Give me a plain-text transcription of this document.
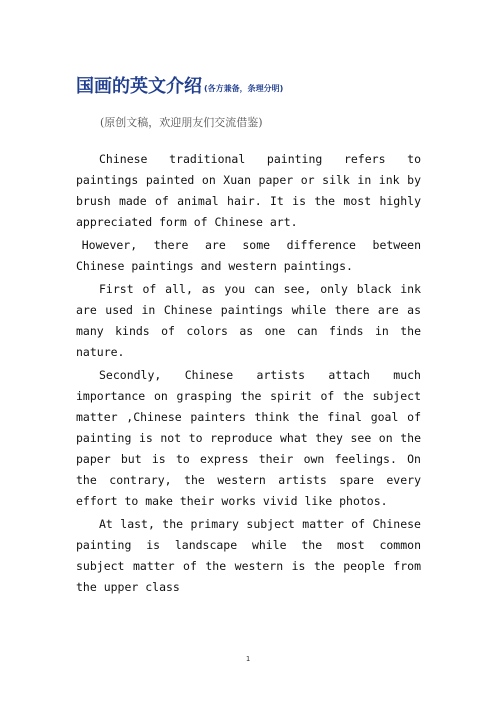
国画的英文介绍 (各方兼备，条理分明)
(原创文稿，欢迎朋友们交流借鉴)

Chinese traditional painting refers to paintings painted on Xuan paper or silk in ink by brush made of animal hair. It is the most highly appreciated form of Chinese art.

However, there are some difference between Chinese paintings and western paintings.

First of all, as you can see, only black ink are used in Chinese paintings while there are as many kinds of colors as one can finds in the nature.

Secondly, Chinese artists attach much importance on grasping the spirit of the subject matter ,Chinese painters think the final goal of painting is not to reproduce what they see on the paper but is to express their own feelings. On the contrary, the western artists spare every effort to make their works vivid like photos.

At last, the primary subject matter of Chinese painting is landscape while the most common subject matter of the western is the people from the upper class

1
